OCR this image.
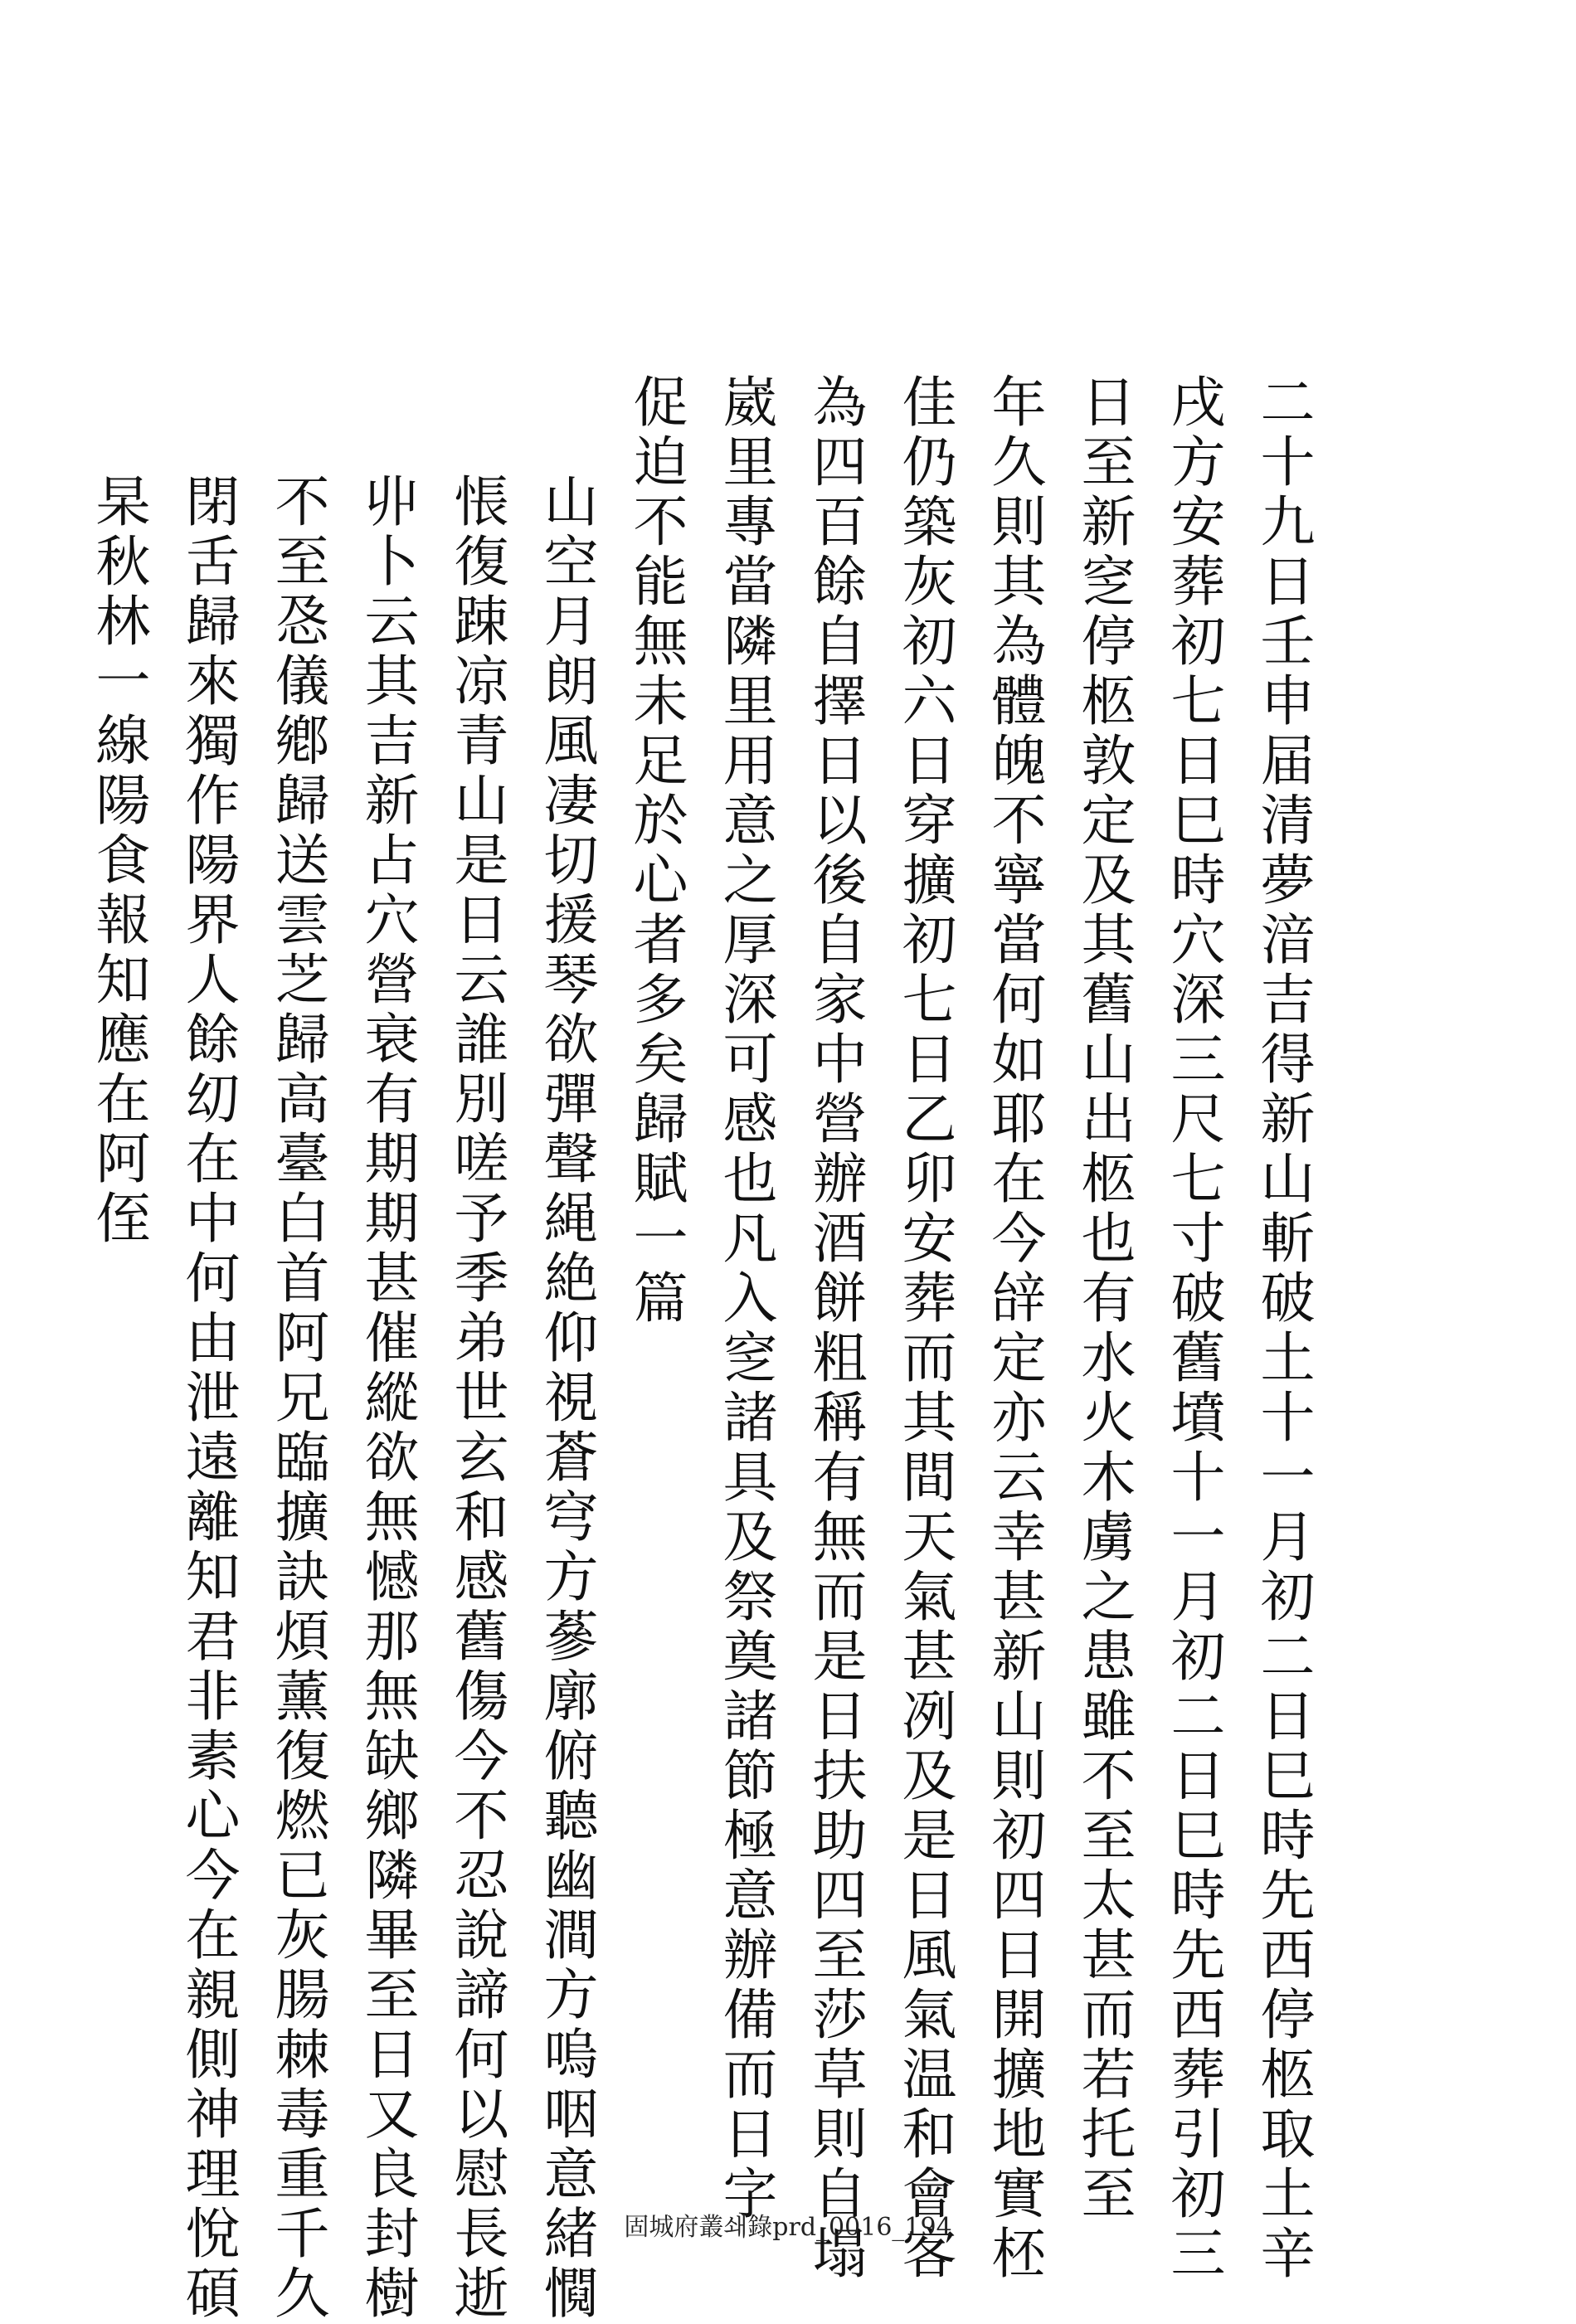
二十九日壬申届清夢湆吉得新山斬破土十一月初二日巳時先西停柩取土辛
戌方安葬初七日巳時穴深三尺七寸破舊墳十一月初二日巳時先西葬引初三
日至新窆停柩敦定及其舊山出柩也有水火木虜之患雖不至太甚而若托至
年久則其為體魄不寧當何如耶在今辝定亦云幸甚新山則初四日開擴地實柸
佳仍築灰初六日穿擴初七日乙卯安葬而其間天氣甚冽及是日風氣温和會客
為四百餘自擇日以後自家中營辦酒餅粗稱有無而是日扶助四至莎草則自塌
崴里專當隣里用意之厚深可感也凡入窆諸具及祭奠諸節極意辦備而日字
促迫不能無未足於心者多矣歸賦一篇
山空月朗風凄切援琴欲彈聲䋲絶仰視蒼穹方蔘廓俯聽幽澗方嗚咽意緒㦦
悵復踈凉青山是日云誰別嗟予季弟世玄和感舊傷今不忍說諦何以慰長逝
丱卜云其吉新占穴營衰有期期甚催縱欲無憾那無缺鄉隣畢至日又良封樹
不至㤂儀鄕歸送雲芝歸高臺白首阿兄臨擴訣煩薰復燃已灰腸棘毒重千久
閉舌歸來獨作陽界人餘㓜在中何由泄遠離知君非素心今在親側神理悅碩
杲秋林一線陽食報知應在阿侄
固城府叢쇄錄prd_0016_194
